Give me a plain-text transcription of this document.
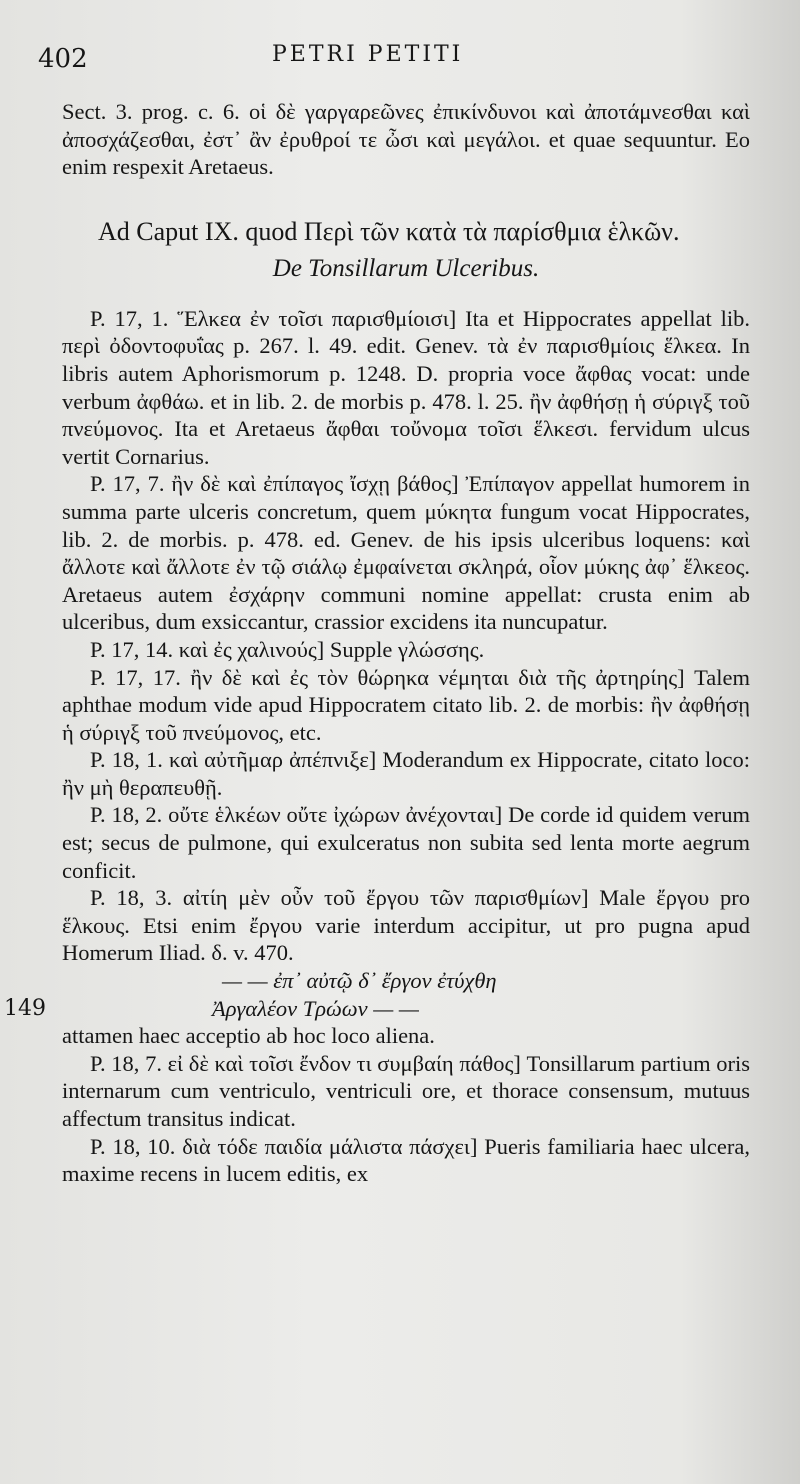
402	PETRI PETITI
149

Sect. 3. prog. c. 6. οἱ δὲ γαργαρεῶνες ἐπικίνδυνοι καὶ ἀποτάμνεσθαι καὶ ἀποσχάζεσθαι, ἐστ᾽ ἂν ἐρυθροί τε ὦσι καὶ μεγάλοι. et quae sequuntur. Eo enim respexit Aretaeus.

Ad Caput IX. quod Περὶ τῶν κατὰ τὰ παρίσθμια ἑλκῶν.

De Tonsillarum Ulceribus.

P. 17, 1. Ἕλκεα ἐν τοῖσι παρισθμίοισι] Ita et Hippocrates appellat lib. περὶ ὀδοντοφυΐας p. 267. l. 49. edit. Genev. τὰ ἐν παρισθμίοις ἕλκεα. In libris autem Aphorismorum p. 1248. D. propria voce ἄφθας vocat: unde verbum ἀφθάω. et in lib. 2. de morbis p. 478. l. 25. ἢν ἀφθήσῃ ἡ σύριγξ τοῦ πνεύμονος. Ita et Aretaeus ἄφθαι τοὔνομα τοῖσι ἕλκεσι. fervidum ulcus vertit Cornarius.

P. 17, 7. ἢν δὲ καὶ ἐπίπαγος ἴσχῃ βάθος] Ἐπίπαγον appellat humorem in summa parte ulceris concretum, quem μύκητα fungum vocat Hippocrates, lib. 2. de morbis. p. 478. ed. Genev. de his ipsis ulceribus loquens: καὶ ἄλλοτε καὶ ἄλλοτε ἐν τῷ σιάλῳ ἐμφαίνεται σκληρά, οἷον μύκης ἀφ᾽ ἕλκεος. Aretaeus autem ἐσχάρην communi nomine appellat: crusta enim ab ulceribus, dum exsiccantur, crassior excidens ita nuncupatur.

P. 17, 14. καὶ ἐς χαλινούς] Supple γλώσσης.

P. 17, 17. ἢν δὲ καὶ ἐς τὸν θώρηκα νέμηται διὰ τῆς ἀρτηρίης] Talem aphthae modum vide apud Hippocratem citato lib. 2. de morbis: ἢν ἀφθήσῃ ἡ σύριγξ τοῦ πνεύμονος, etc.

P. 18, 1. καὶ αὐτῆμαρ ἀπέπνιξε] Moderandum ex Hippocrate, citato loco: ἢν μὴ θεραπευθῇ.

P. 18, 2. οὔτε ἑλκέων οὔτε ἰχώρων ἀνέχονται] De corde id quidem verum est; secus de pulmone, qui exulceratus non subita sed lenta morte aegrum conficit.

P. 18, 3. αἰτίη μὲν οὖν τοῦ ἔργου τῶν παρισθμίων] Male ἔργου pro ἕλκους. Etsi enim ἔργου varie interdum accipitur, ut pro pugna apud Homerum Iliad. δ. v. 470.

— — ἐπ᾽ αὐτῷ δ᾽ ἔργον ἐτύχθη

Ἀργαλέον Τρώων — —

attamen haec acceptio ab hoc loco aliena.

P. 18, 7. εἰ δὲ καὶ τοῖσι ἔνδον τι συμβαίη πάθος] Tonsillarum partium oris internarum cum ventriculo, ventriculi ore, et thorace consensum, mutuus affectum transitus indicat.

P. 18, 10. διὰ τόδε παιδία μάλιστα πάσχει] Pueris familiaria haec ulcera, maxime recens in lucem editis, ex
